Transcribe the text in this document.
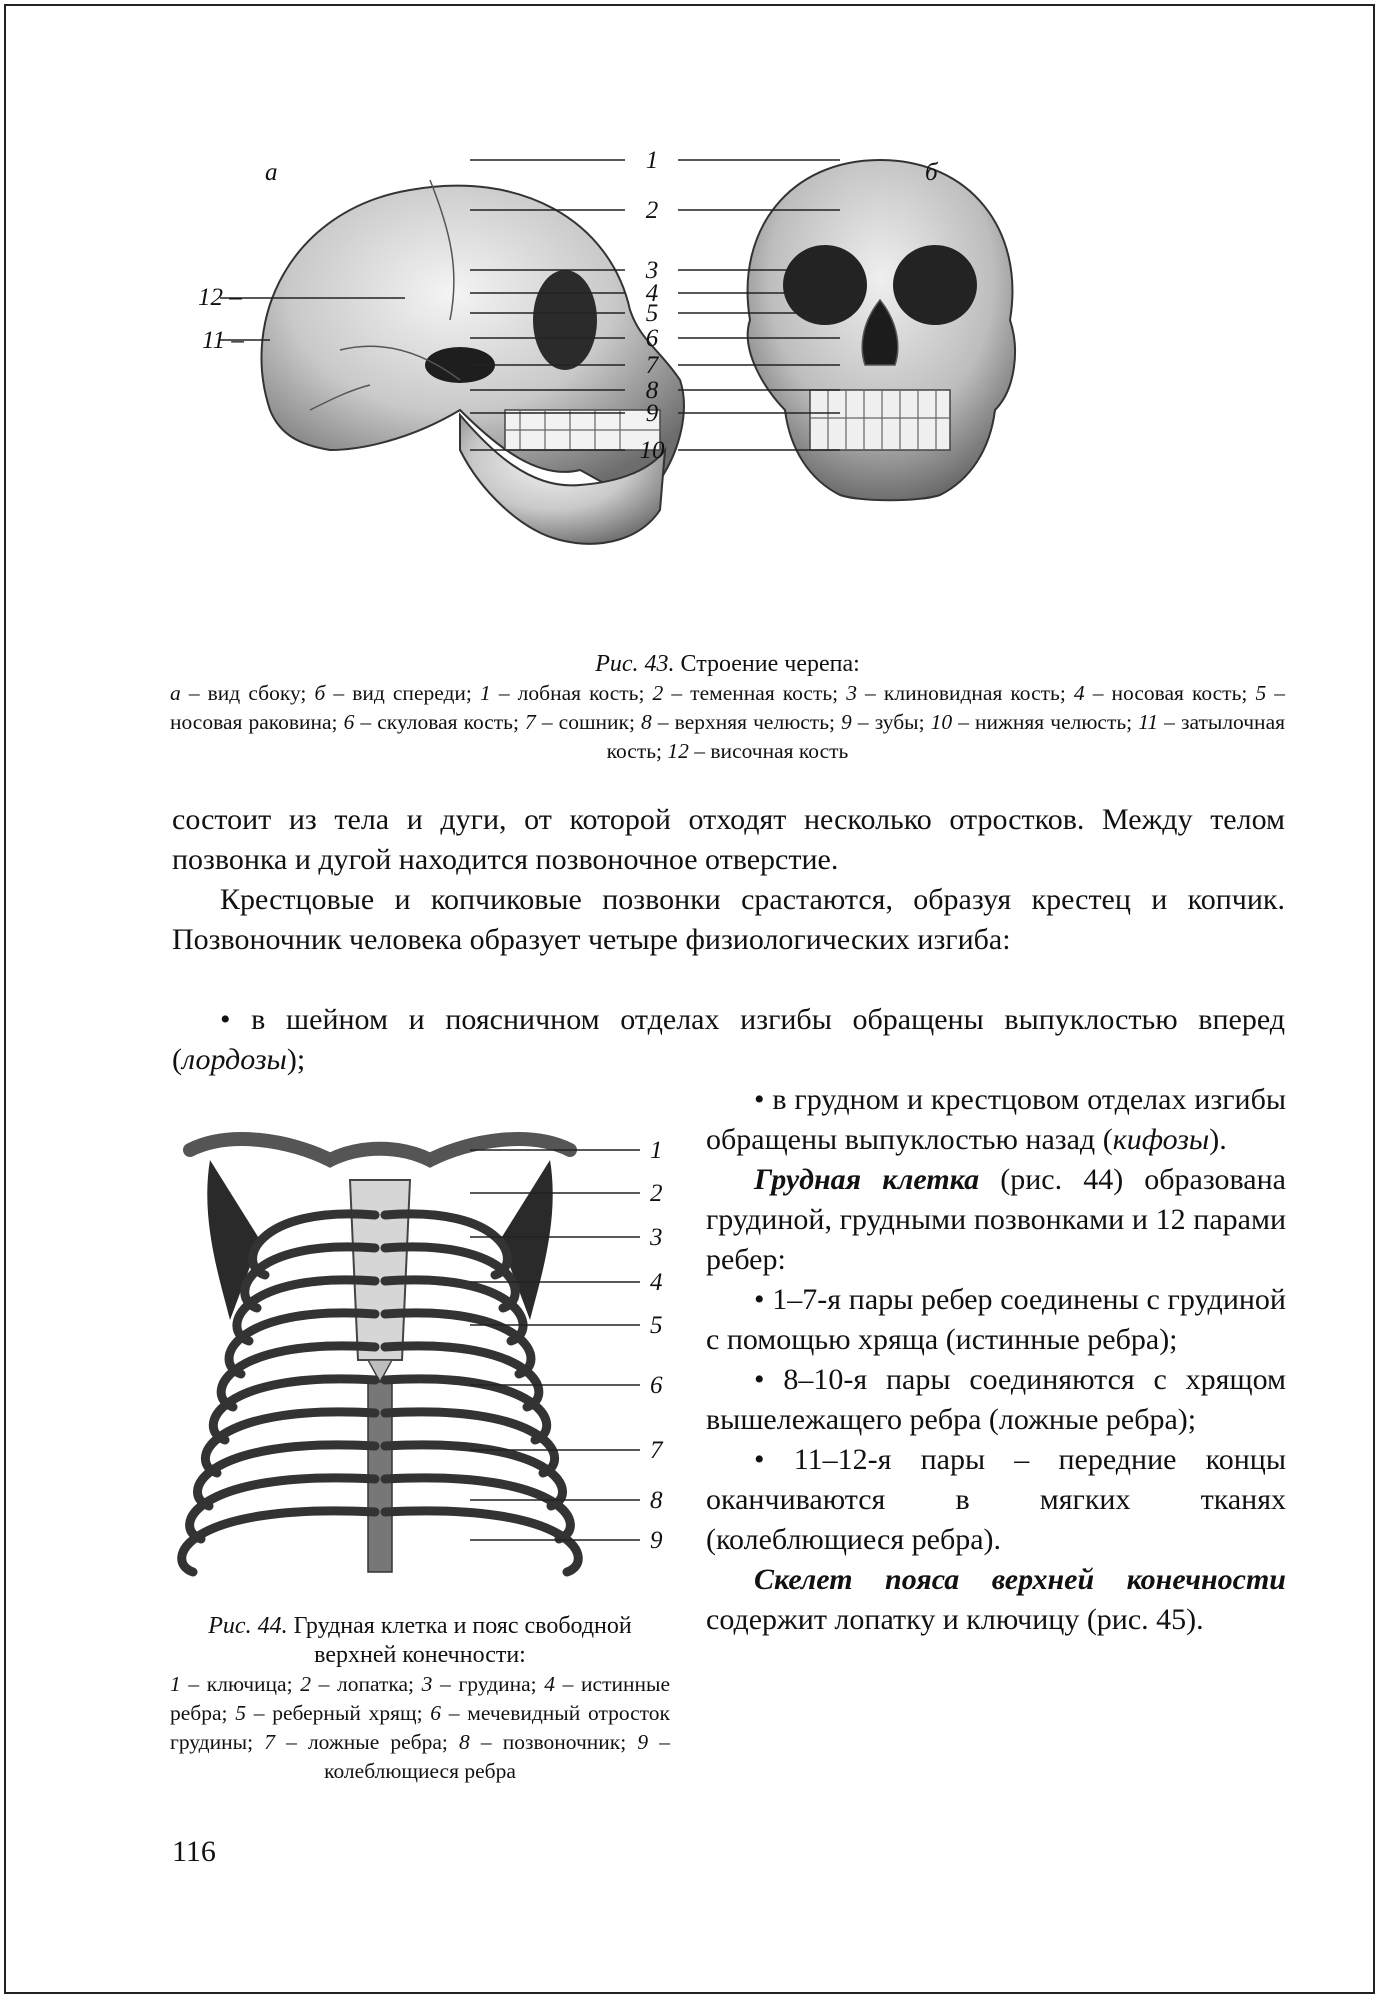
а	б
1
2
3
4
5
6
7
8
9
10
12 –
11 –
Рис. 43. Строение черепа:
а – вид сбоку; б – вид спереди; 1 – лобная кость; 2 – теменная кость; 3 – клиновидная кость; 4 – носовая кость; 5 – носовая раковина; 6 – скуловая кость; 7 – сошник; 8 – верхняя челюсть; 9 – зубы; 10 – нижняя челюсть; 11 – затылочная кость; 12 – височная кость

состоит из тела и дуги, от которой отходят несколько отростков. Между телом позвонка и дугой находится позвоночное отверстие.

Крестцовые и копчиковые позвонки срастаются, образуя крестец и копчик. Позвоночник человека образует четыре физиологических изгиба:

• в шейном и поясничном отделах изгибы обращены выпуклостью вперед (лордозы);

1
2
3
4
5
6
7
8
9
Рис. 44. Грудная клетка и пояс свободной верхней конечности:
1 – ключица; 2 – лопатка; 3 – грудина; 4 – истинные ребра; 5 – реберный хрящ; 6 – мечевидный отросток грудины; 7 – ложные ребра; 8 – позвоночник; 9 – колеблющиеся ребра

• в грудном и крестцовом отделах изгибы обращены выпуклостью назад (кифозы).

Грудная клетка (рис. 44) образована грудиной, грудными позвонками и 12 парами ребер:

• 1–7-я пары ребер соединены с грудиной с помощью хряща (истинные ребра);

• 8–10-я пары соединяются с хрящом вышележащего ребра (ложные ребра);

• 11–12-я пары – передние концы оканчиваются в мягких тканях (колеблющиеся ребра).

Скелет пояса верхней конечности содержит лопатку и ключицу (рис. 45).

116
